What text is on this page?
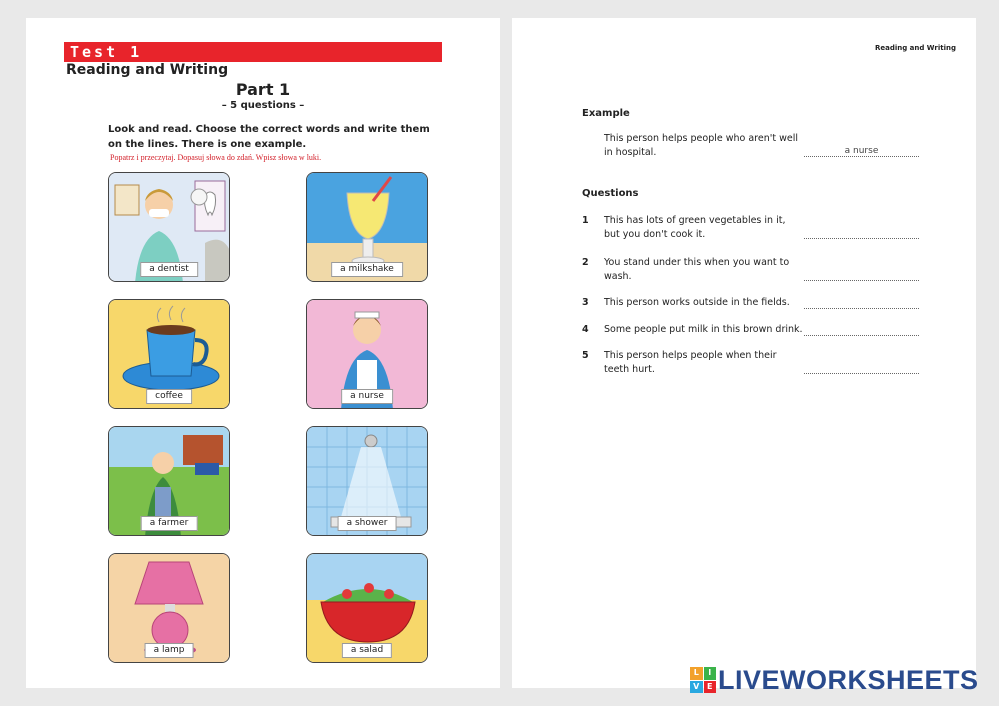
Test 1
Reading and Writing
Part 1
– 5 questions –
Look and read. Choose the correct words and write them on the lines. There is one example.
Popatrz i przeczytaj. Dopasuj słowa do zdań. Wpisz słowa w luki.
a dentist	a milkshake
coffee	a nurse
a farmer	a shower
a lamp	a salad
Reading and Writing
Example
This person helps people who aren't well in hospital.	a nurse
Questions
1 This has lots of green vegetables in it, but you don't cook it.
2 You stand under this when you want to wash.
3 This person works outside in the fields.
4 Some people put milk in this brown drink.
5 This person helps people when their teeth hurt.
L	I
V E LIVEWORKSHEETS
